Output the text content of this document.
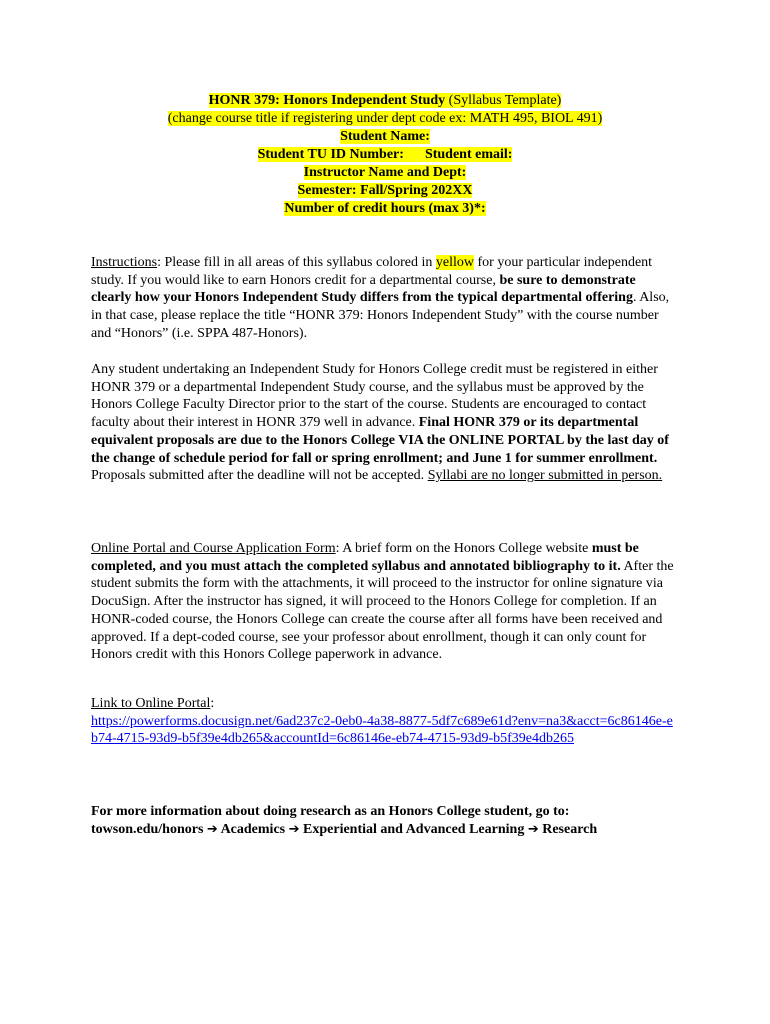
HONR 379: Honors Independent Study (Syllabus Template)
(change course title if registering under dept code ex: MATH 495, BIOL 491)
Student Name:
Student TU ID Number: Student email:
Instructor Name and Dept:
Semester: Fall/Spring 202XX
Number of credit hours (max 3)*:
Instructions: Please fill in all areas of this syllabus colored in yellow for your particular independent study. If you would like to earn Honors credit for a departmental course, be sure to demonstrate clearly how your Honors Independent Study differs from the typical departmental offering. Also, in that case, please replace the title “HONR 379: Honors Independent Study” with the course number and “Honors” (i.e. SPPA 487-Honors).
Any student undertaking an Independent Study for Honors College credit must be registered in either HONR 379 or a departmental Independent Study course, and the syllabus must be approved by the Honors College Faculty Director prior to the start of the course. Students are encouraged to contact faculty about their interest in HONR 379 well in advance. Final HONR 379 or its departmental equivalent proposals are due to the Honors College VIA the ONLINE PORTAL by the last day of the change of schedule period for fall or spring enrollment; and June 1 for summer enrollment. Proposals submitted after the deadline will not be accepted. Syllabi are no longer submitted in person.
Online Portal and Course Application Form: A brief form on the Honors College website must be completed, and you must attach the completed syllabus and annotated bibliography to it. After the student submits the form with the attachments, it will proceed to the instructor for online signature via DocuSign. After the instructor has signed, it will proceed to the Honors College for completion. If an HONR-coded course, the Honors College can create the course after all forms have been received and approved. If a dept-coded course, see your professor about enrollment, though it can only count for Honors credit with this Honors College paperwork in advance.
Link to Online Portal:
https://powerforms.docusign.net/6ad237c2-0eb0-4a38-8877-5df7c689e61d?env=na3&acct=6c86146e-eb74-4715-93d9-b5f39e4db265&accountId=6c86146e-eb74-4715-93d9-b5f39e4db265
For more information about doing research as an Honors College student, go to:
towson.edu/honors ➔ Academics ➔ Experiential and Advanced Learning ➔ Research
